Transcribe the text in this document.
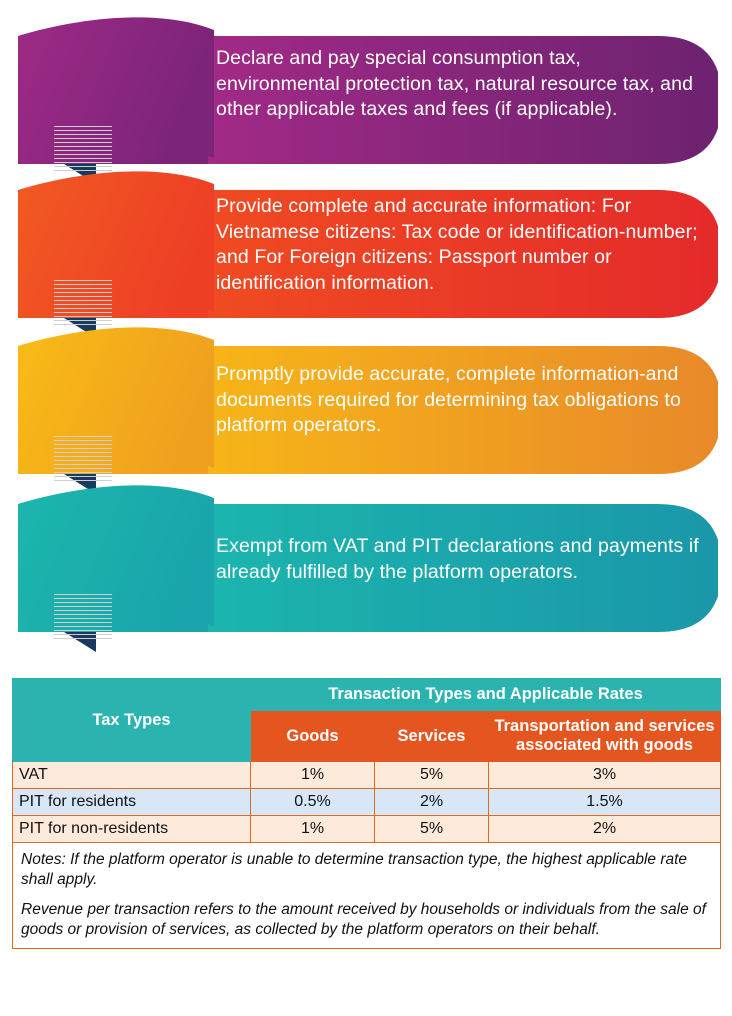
Declare and pay special consumption tax, environmental protection tax, natural resource tax, and other applicable taxes and fees (if applicable).
Provide complete and accurate information: For Vietnamese citizens: Tax code or identification-number; and For Foreign citizens: Passport number or identification information.
Promptly provide accurate, complete information-and documents required for determining tax obligations to platform operators.
Exempt from VAT and PIT declarations and payments if already fulfilled by the platform operators.
Tax Types	Transaction Types and Applicable Rates		
	Goods	Services	Transportation and services associated with goods
VAT	1%	5%	3%
PIT for residents	0.5%	2%	1.5%
PIT for non-residents	1%	5%	2%

Notes: If the platform operator is unable to determine transaction type, the highest applicable rate shall apply.

Revenue per transaction refers to the amount received by households or individuals from the sale of goods or provision of services, as collected by the platform operators on their behalf.			
